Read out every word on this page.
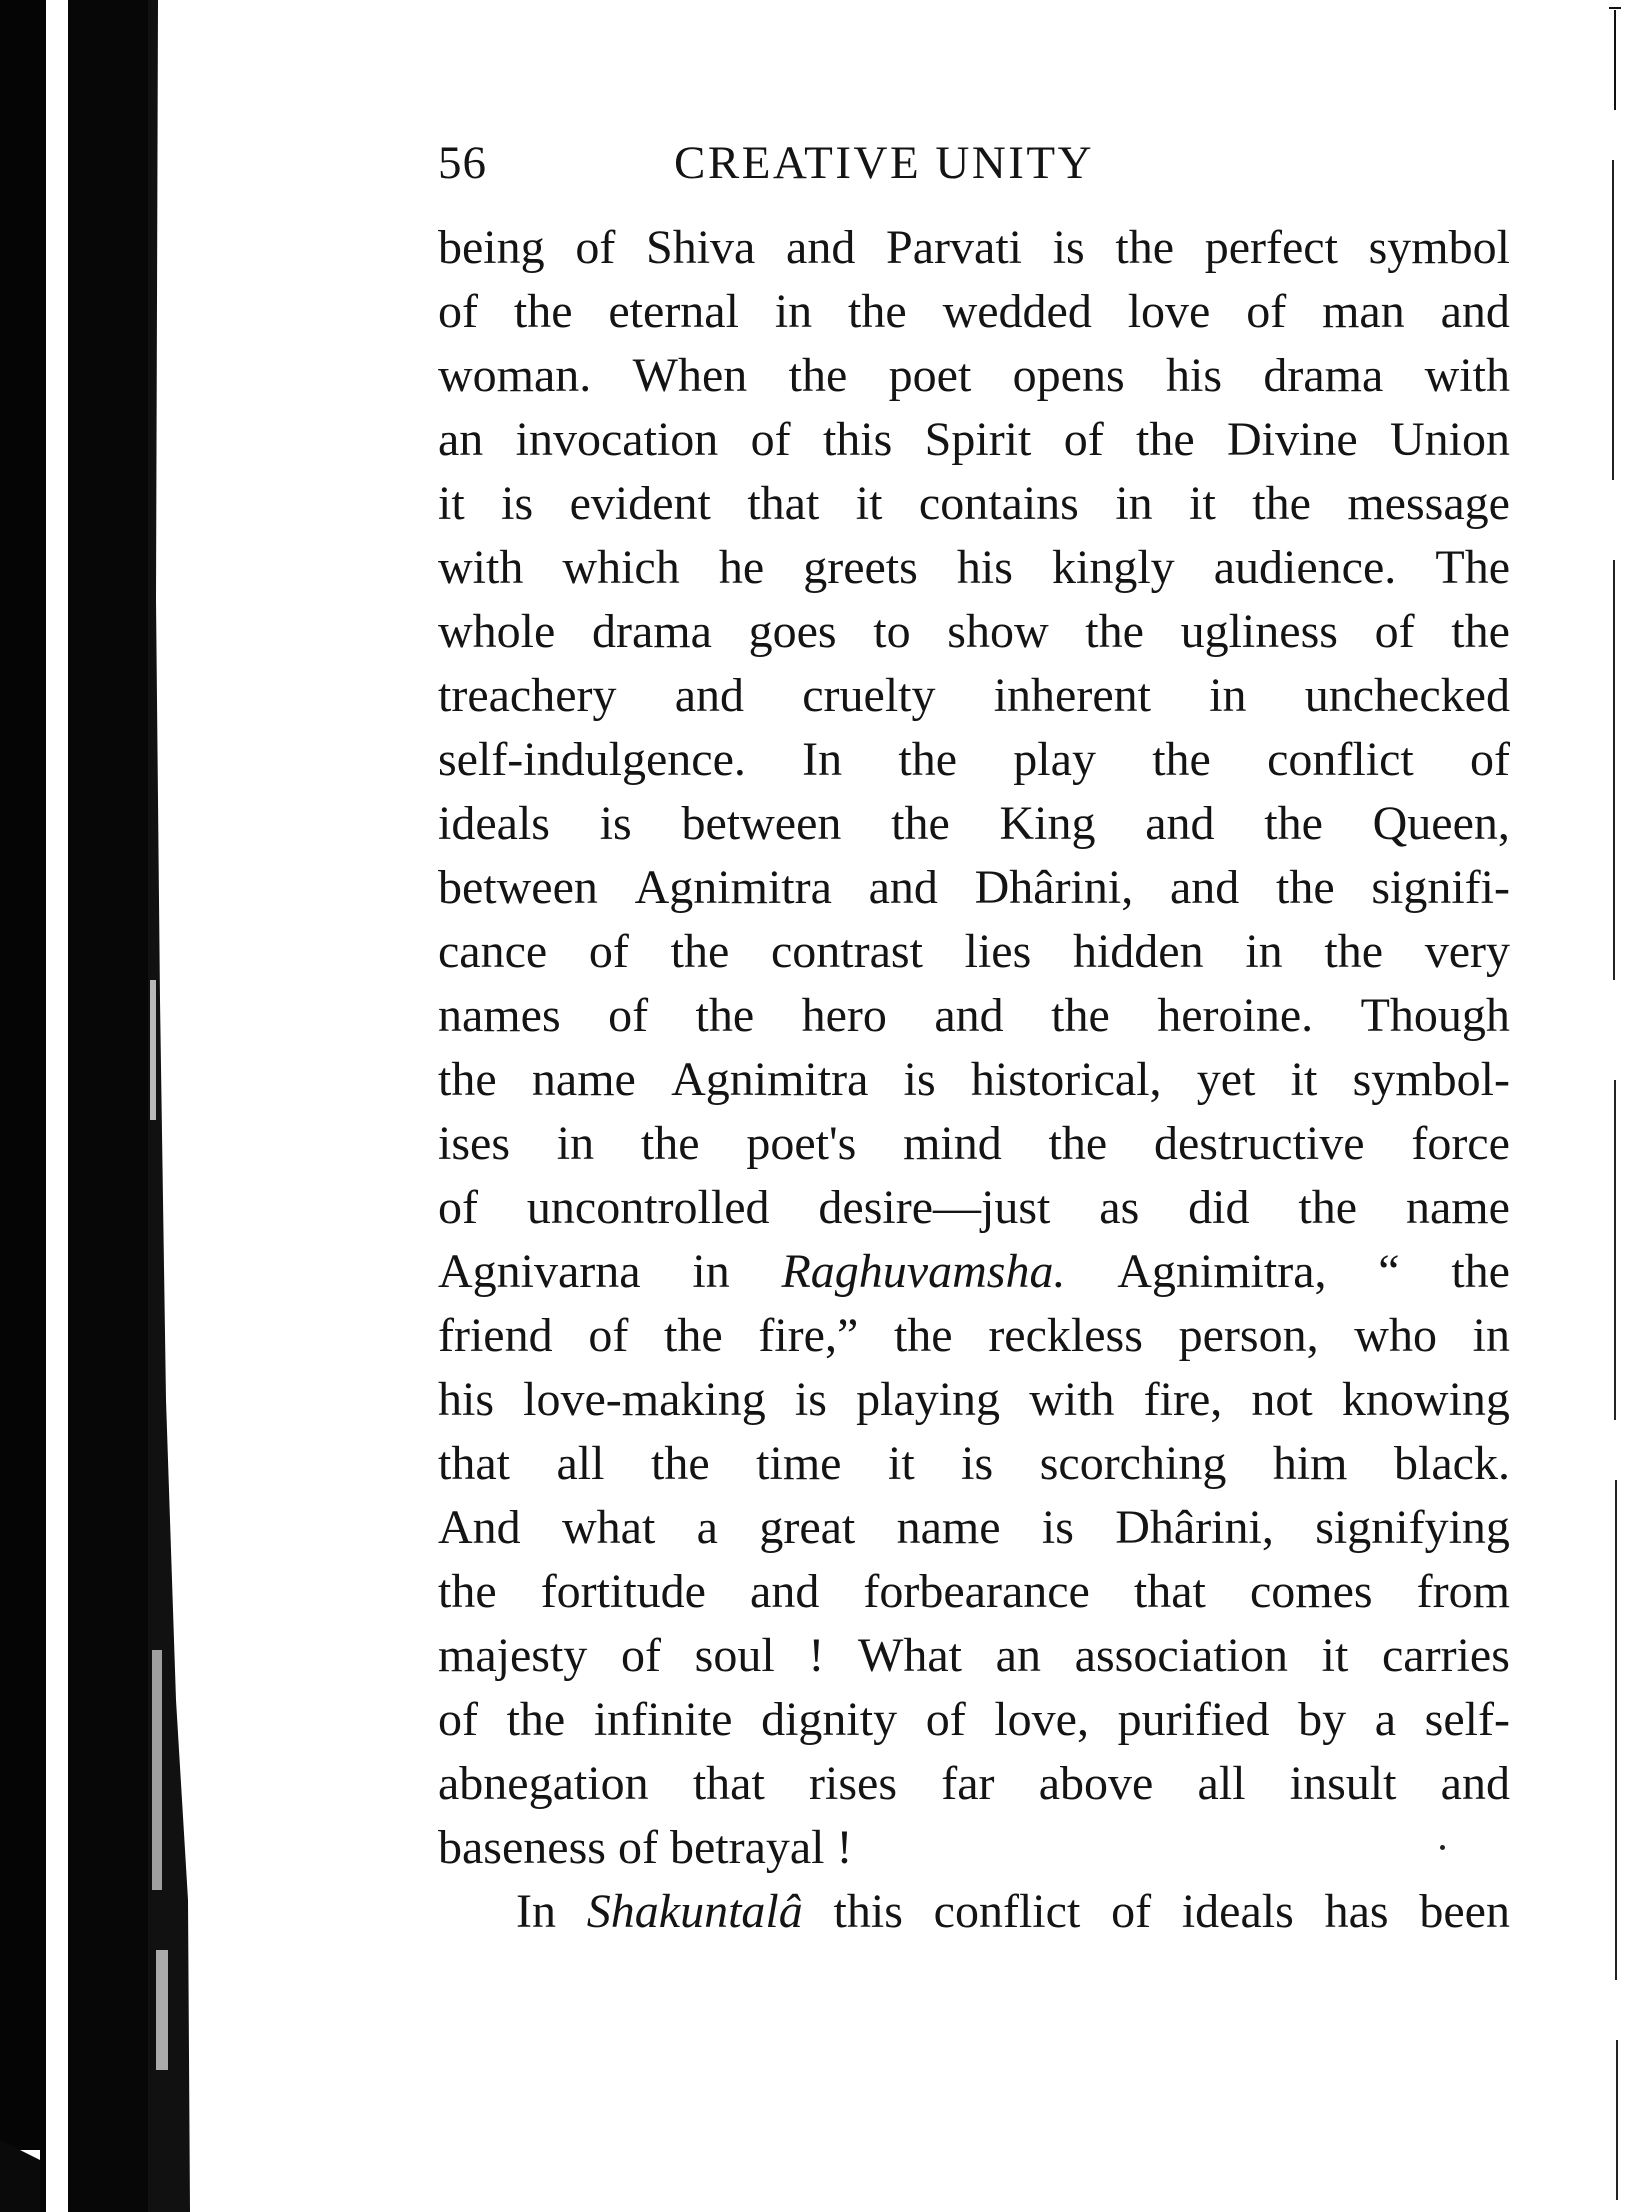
56	CREATIVE UNITY
being of Shiva and Parvati is the perfect symbol
of the eternal in the wedded love of man and
woman. When the poet opens his drama with
an invocation of this Spirit of the Divine Union
it is evident that it contains in it the message
with which he greets his kingly audience. The
whole drama goes to show the ugliness of the
treachery and cruelty inherent in unchecked
self-indulgence. In the play the conflict of
ideals is between the King and the Queen,
between Agnimitra and Dhârini, and the signifi-
cance of the contrast lies hidden in the very
names of the hero and the heroine. Though
the name Agnimitra is historical, yet it symbol-
ises in the poet's mind the destructive force
of uncontrolled desire—just as did the name
Agnivarna in Raghuvamsha. Agnimitra, “ the
friend of the fire,” the reckless person, who in
his love-making is playing with fire, not knowing
that all the time it is scorching him black.
And what a great name is Dhârini, signifying
the fortitude and forbearance that comes from
majesty of soul ! What an association it carries
of the infinite dignity of love, purified by a self-
abnegation that rises far above all insult and
baseness of betrayal !
In Shakuntalâ this conflict of ideals has been
